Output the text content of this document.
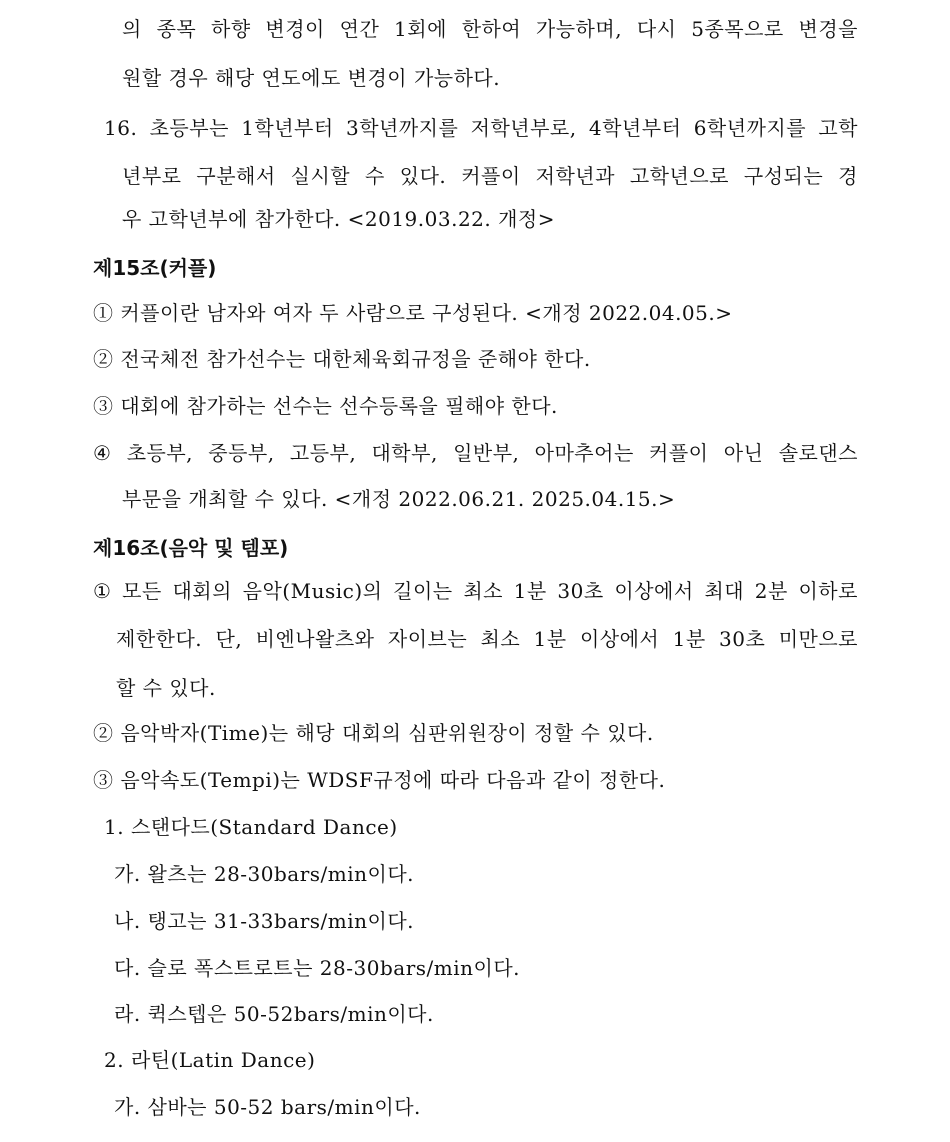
의 종목 하향 변경이 연간 1회에 한하여 가능하며, 다시 5종목으로 변경을
원할 경우 해당 연도에도 변경이 가능하다.
16. 초등부는 1학년부터 3학년까지를 저학년부로, 4학년부터 6학년까지를 고학
년부로 구분해서 실시할 수 있다. 커플이 저학년과 고학년으로 구성되는 경
우 고학년부에 참가한다. <2019.03.22. 개정>
제15조(커플)
① 커플이란 남자와 여자 두 사람으로 구성된다. <개정 2022.04.05.>
② 전국체전 참가선수는 대한체육회규정을 준해야 한다.
③ 대회에 참가하는 선수는 선수등록을 필해야 한다.
④ 초등부, 중등부, 고등부, 대학부, 일반부, 아마추어는 커플이 아닌 솔로댄스
부문을 개최할 수 있다. <개정 2022.06.21. 2025.04.15.>
제16조(음악 및 템포)
① 모든 대회의 음악(Music)의 길이는 최소 1분 30초 이상에서 최대 2분 이하로
제한한다. 단, 비엔나왈츠와 자이브는 최소 1분 이상에서 1분 30초 미만으로
할 수 있다.
② 음악박자(Time)는 해당 대회의 심판위원장이 정할 수 있다.
③ 음악속도(Tempi)는 WDSF규정에 따라 다음과 같이 정한다.
1. 스탠다드(Standard Dance)
가. 왈츠는 28-30bars/min이다.
나. 탱고는 31-33bars/min이다.
다. 슬로 폭스트로트는 28-30bars/min이다.
라. 퀵스텝은 50-52bars/min이다.
2. 라틴(Latin Dance)
가. 삼바는 50-52 bars/min이다.
